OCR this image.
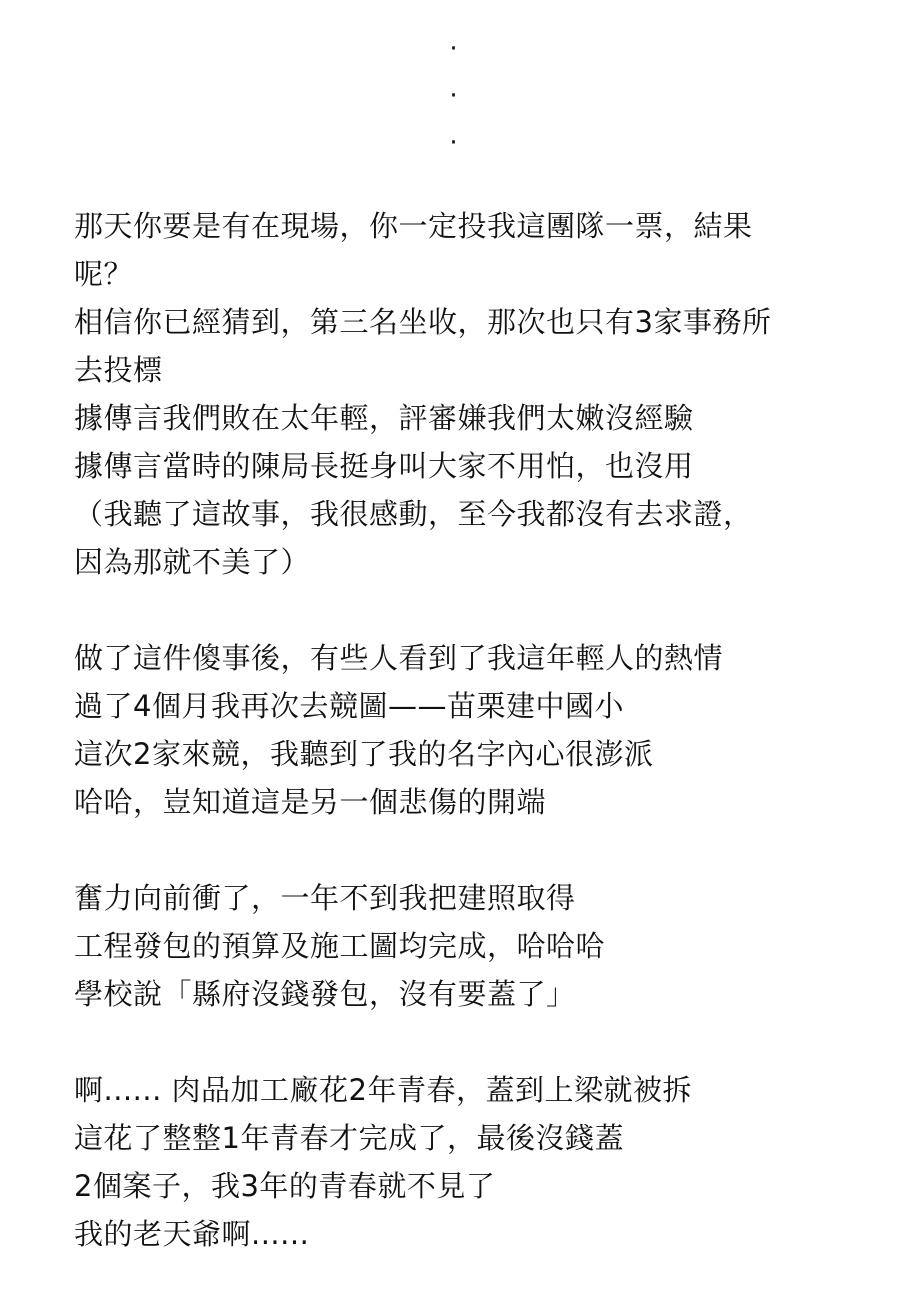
·
·
·
那天你要是有在現場，你一定投我這團隊一票，結果
呢？
相信你已經猜到，第三名坐收，那次也只有3家事務所
去投標
據傳言我們敗在太年輕，評審嫌我們太嫩沒經驗
據傳言當時的陳局長挺身叫大家不用怕，也沒用
（我聽了這故事，我很感動，至今我都沒有去求證，
因為那就不美了）
做了這件傻事後，有些人看到了我這年輕人的熱情
過了4個月我再次去競圖——苗栗建中國小
這次2家來競，我聽到了我的名字內心很澎派
哈哈，豈知道這是另一個悲傷的開端
奮力向前衝了，一年不到我把建照取得
工程發包的預算及施工圖均完成，哈哈哈
學校說「縣府沒錢發包，沒有要蓋了」
啊...... 肉品加工廠花2年青春，蓋到上梁就被拆
這花了整整1年青春才完成了，最後沒錢蓋
2個案子，我3年的青春就不見了
我的老天爺啊......
